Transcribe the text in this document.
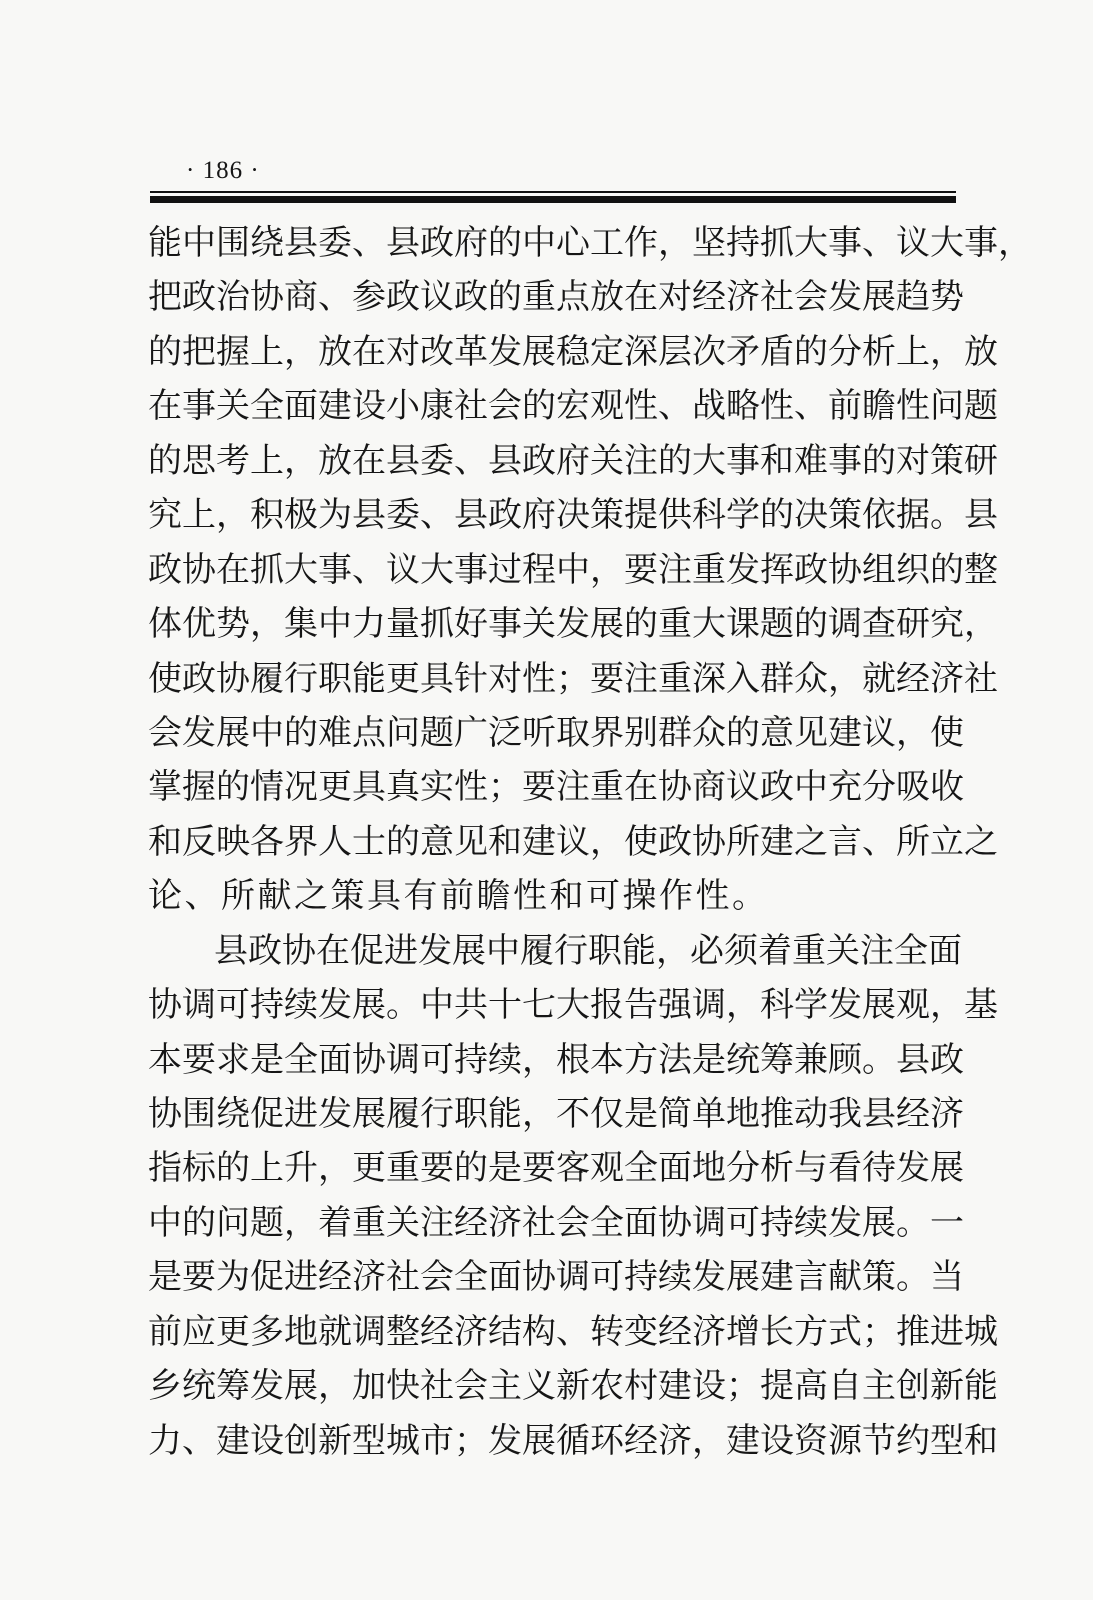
· 186 ·
能中围绕县委、县政府的中心工作，坚持抓大事、议大事，
把政治协商、参政议政的重点放在对经济社会发展趋势
的把握上，放在对改革发展稳定深层次矛盾的分析上，放
在事关全面建设小康社会的宏观性、战略性、前瞻性问题
的思考上，放在县委、县政府关注的大事和难事的对策研
究上，积极为县委、县政府决策提供科学的决策依据。县
政协在抓大事、议大事过程中，要注重发挥政协组织的整
体优势，集中力量抓好事关发展的重大课题的调查研究，
使政协履行职能更具针对性；要注重深入群众，就经济社
会发展中的难点问题广泛听取界别群众的意见建议，使
掌握的情况更具真实性；要注重在协商议政中充分吸收
和反映各界人士的意见和建议，使政协所建之言、所立之
论、所献之策具有前瞻性和可操作性。
县政协在促进发展中履行职能，必须着重关注全面
协调可持续发展。中共十七大报告强调，科学发展观，基
本要求是全面协调可持续，根本方法是统筹兼顾。县政
协围绕促进发展履行职能，不仅是简单地推动我县经济
指标的上升，更重要的是要客观全面地分析与看待发展
中的问题，着重关注经济社会全面协调可持续发展。一
是要为促进经济社会全面协调可持续发展建言献策。当
前应更多地就调整经济结构、转变经济增长方式；推进城
乡统筹发展，加快社会主义新农村建设；提高自主创新能
力、建设创新型城市；发展循环经济，建设资源节约型和
